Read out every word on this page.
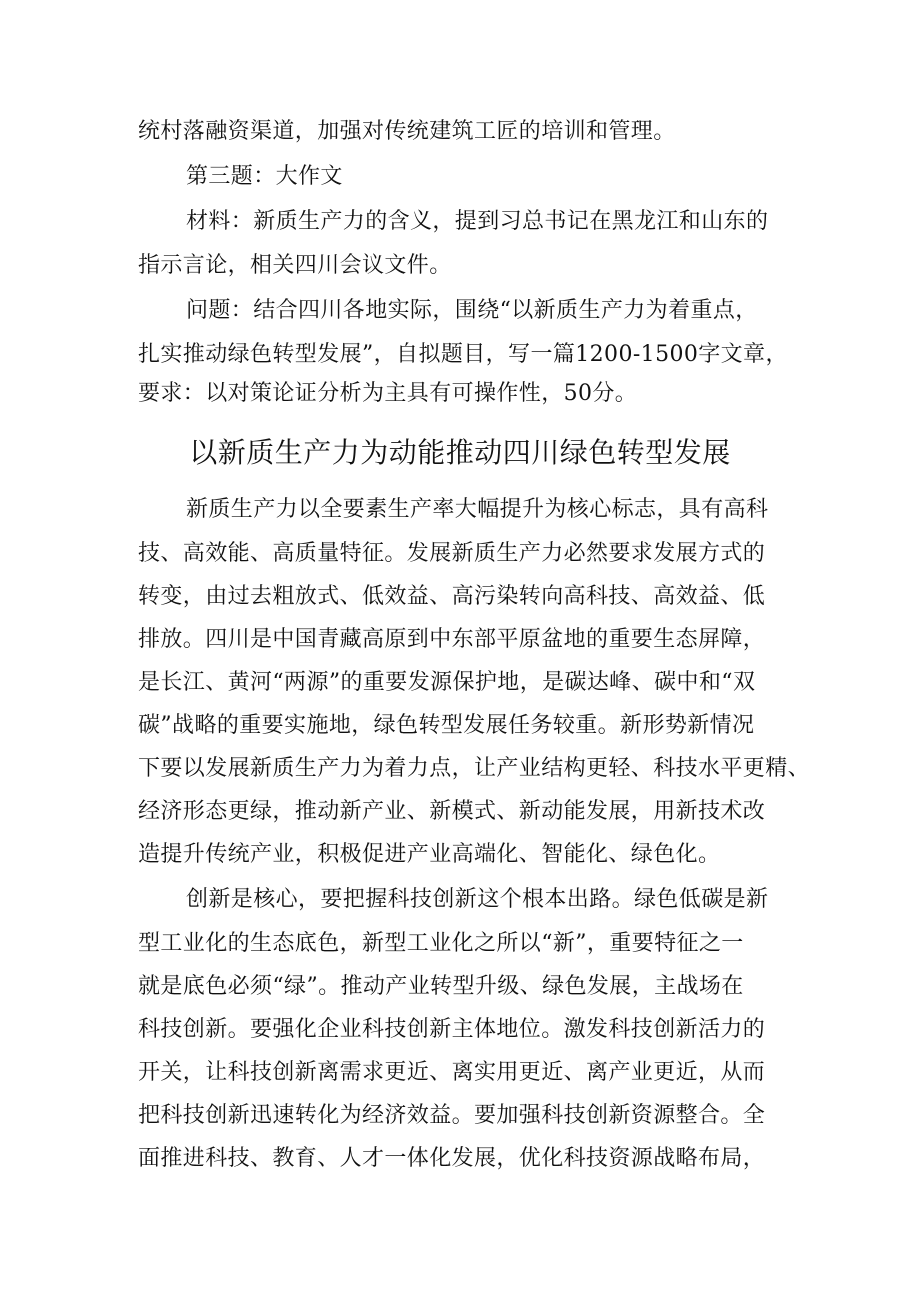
统村落融资渠道，加强对传统建筑工匠的培训和管理。
第三题：大作文
材料：新质生产力的含义，提到习总书记在黑龙江和山东的
指示言论，相关四川会议文件。
问题：结合四川各地实际，围绕“以新质生产力为着重点，
扎实推动绿色转型发展”，自拟题目，写一篇1200-1500字文章，
要求：以对策论证分析为主具有可操作性，50分。
以新质生产力为动能推动四川绿色转型发展
新质生产力以全要素生产率大幅提升为核心标志，具有高科
技、高效能、高质量特征。发展新质生产力必然要求发展方式的
转变，由过去粗放式、低效益、高污染转向高科技、高效益、低
排放。四川是中国青藏高原到中东部平原盆地的重要生态屏障，
是长江、黄河“两源”的重要发源保护地，是碳达峰、碳中和“双
碳”战略的重要实施地，绿色转型发展任务较重。新形势新情况
下要以发展新质生产力为着力点，让产业结构更轻、科技水平更精、
经济形态更绿，推动新产业、新模式、新动能发展，用新技术改
造提升传统产业，积极促进产业高端化、智能化、绿色化。
创新是核心，要把握科技创新这个根本出路。绿色低碳是新
型工业化的生态底色，新型工业化之所以“新”，重要特征之一
就是底色必须“绿”。推动产业转型升级、绿色发展，主战场在
科技创新。要强化企业科技创新主体地位。激发科技创新活力的
开关，让科技创新离需求更近、离实用更近、离产业更近，从而
把科技创新迅速转化为经济效益。要加强科技创新资源整合。全
面推进科技、教育、人才一体化发展，优化科技资源战略布局，
